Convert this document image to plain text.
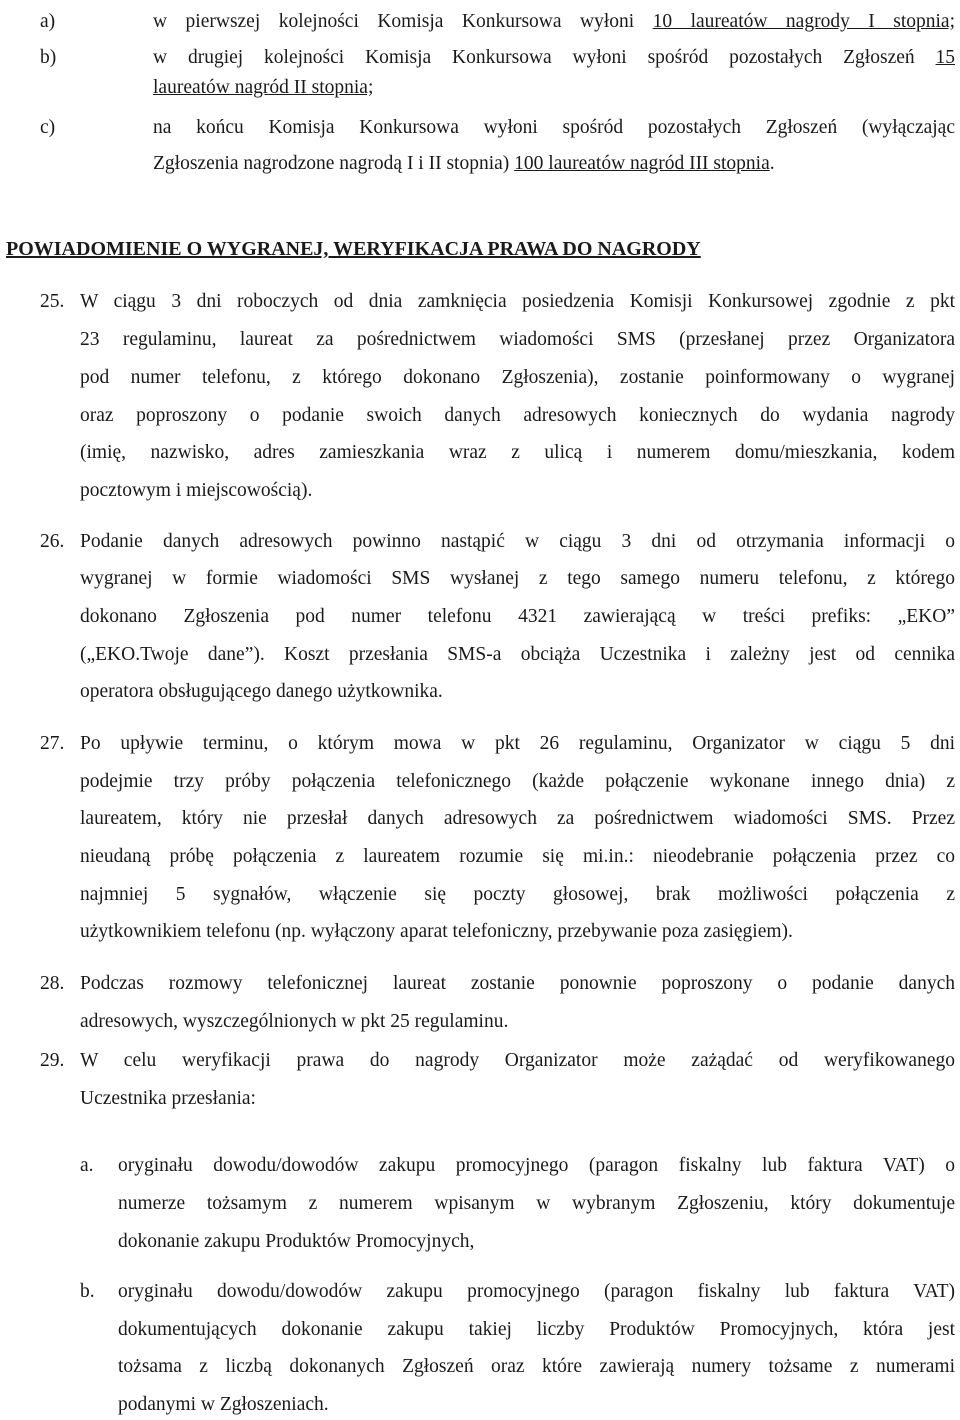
a)	w pierwszej kolejności Komisja Konkursowa wyłoni 10 laureatów nagrody I stopnia;
b)	w drugiej kolejności Komisja Konkursowa wyłoni spośród pozostałych Zgłoszeń 15
laureatów nagród II stopnia;
c)	na końcu Komisja Konkursowa wyłoni spośród pozostałych Zgłoszeń (wyłączając
Zgłoszenia nagrodzone nagrodą I i II stopnia) 100 laureatów nagród III stopnia.
POWIADOMIENIE O WYGRANEJ, WERYFIKACJA PRAWA DO NAGRODY
25. W ciągu 3 dni roboczych od dnia zamknięcia posiedzenia Komisji Konkursowej zgodnie z pkt
23 regulaminu, laureat za pośrednictwem wiadomości SMS (przesłanej przez Organizatora
pod numer telefonu, z którego dokonano Zgłoszenia), zostanie poinformowany o wygranej
oraz poproszony o podanie swoich danych adresowych koniecznych do wydania nagrody
(imię, nazwisko, adres zamieszkania wraz z ulicą i numerem domu/mieszkania, kodem
pocztowym i miejscowością).
26. Podanie danych adresowych powinno nastąpić w ciągu 3 dni od otrzymania informacji o
wygranej w formie wiadomości SMS wysłanej z tego samego numeru telefonu, z którego
dokonano Zgłoszenia pod numer telefonu 4321 zawierającą w treści prefiks: „EKO”
(„EKO.Twoje dane”). Koszt przesłania SMS-a obciąża Uczestnika i zależny jest od cennika
operatora obsługującego danego użytkownika.
27. Po upływie terminu, o którym mowa w pkt 26 regulaminu, Organizator w ciągu 5 dni
podejmie trzy próby połączenia telefonicznego (każde połączenie wykonane innego dnia) z
laureatem, który nie przesłał danych adresowych za pośrednictwem wiadomości SMS. Przez
nieudaną próbę połączenia z laureatem rozumie się mi.in.: nieodebranie połączenia przez co
najmniej 5 sygnałów, włączenie się poczty głosowej, brak możliwości połączenia z
użytkownikiem telefonu (np. wyłączony aparat telefoniczny, przebywanie poza zasięgiem).
28. Podczas rozmowy telefonicznej laureat zostanie ponownie poproszony o podanie danych
adresowych, wyszczególnionych w pkt 25 regulaminu.
29. W celu weryfikacji prawa do nagrody Organizator może zażądać od weryfikowanego
Uczestnika przesłania:
a. oryginału dowodu/dowodów zakupu promocyjnego (paragon fiskalny lub faktura VAT) o
numerze tożsamym z numerem wpisanym w wybranym Zgłoszeniu, który dokumentuje
dokonanie zakupu Produktów Promocyjnych,
b. oryginału dowodu/dowodów zakupu promocyjnego (paragon fiskalny lub faktura VAT)
dokumentujących dokonanie zakupu takiej liczby Produktów Promocyjnych, która jest
tożsama z liczbą dokonanych Zgłoszeń oraz które zawierają numery tożsame z numerami
podanymi w Zgłoszeniach.
